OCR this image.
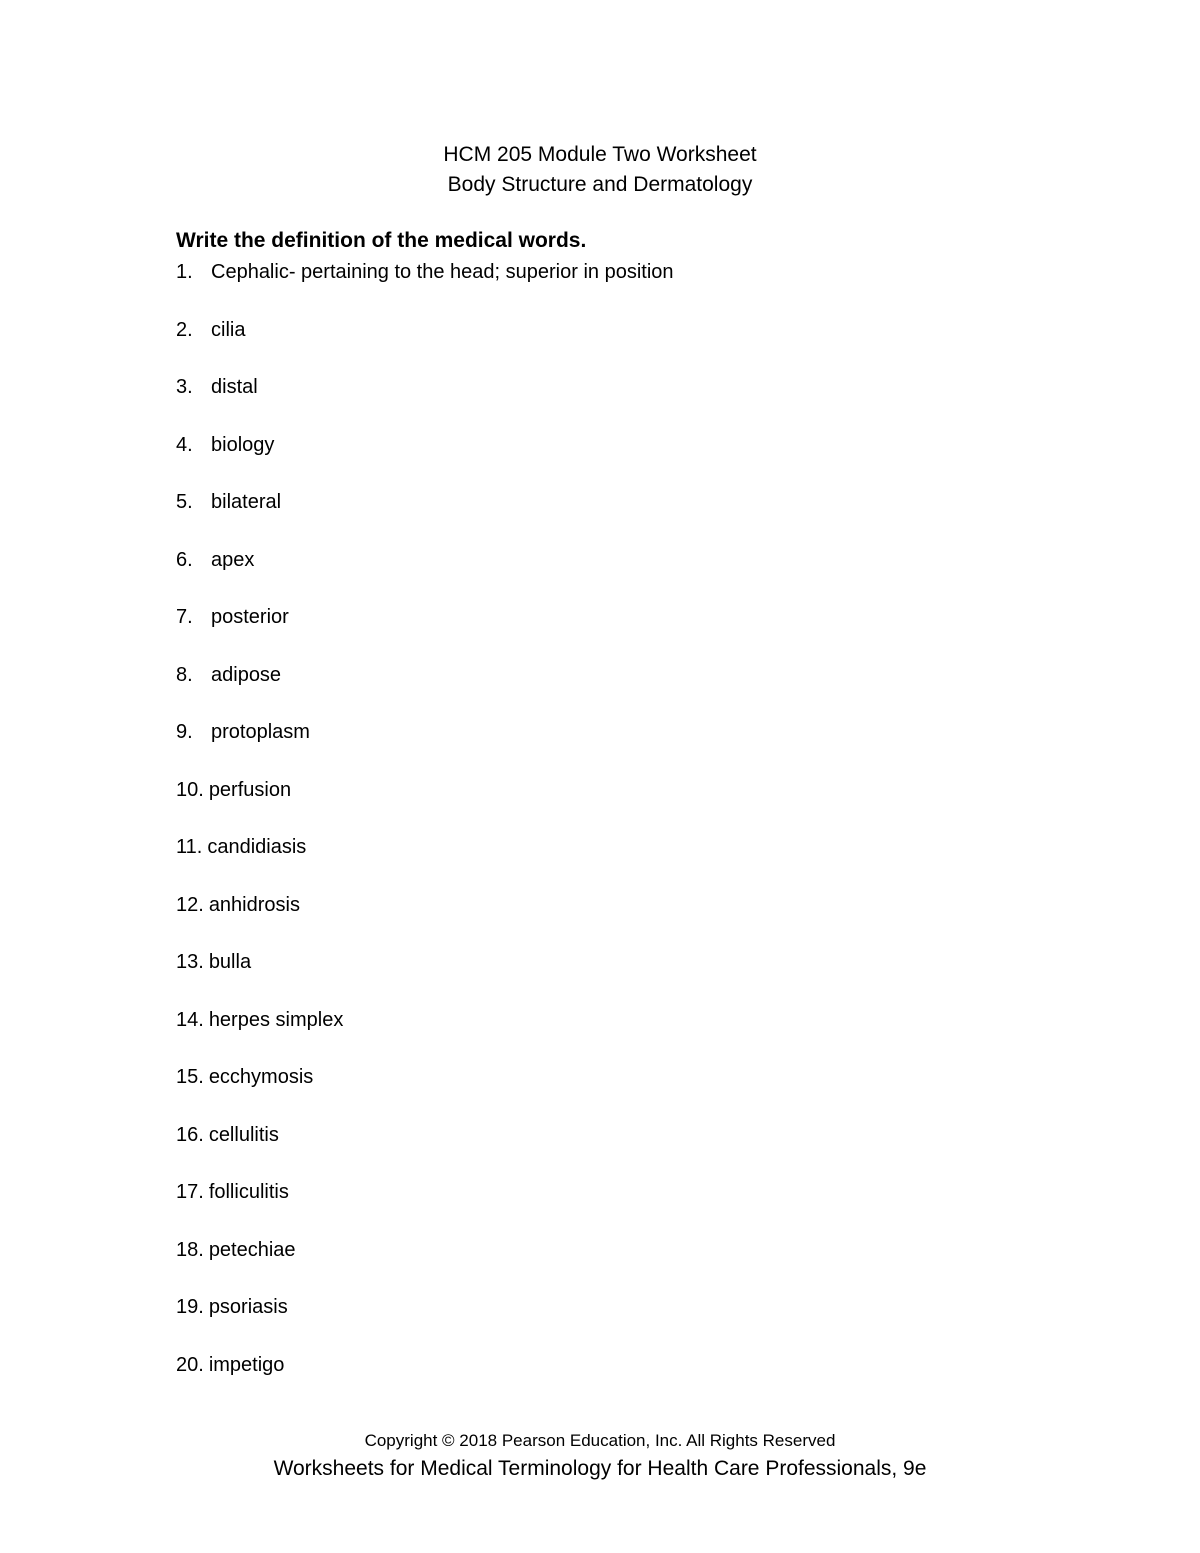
HCM 205 Module Two Worksheet
Body Structure and Dermatology
Write the definition of the medical words.
1. Cephalic- pertaining to the head; superior in position
2. cilia
3. distal
4. biology
5. bilateral
6. apex
7. posterior
8. adipose
9. protoplasm
10. perfusion
11. candidiasis
12. anhidrosis
13. bulla
14. herpes simplex
15. ecchymosis
16. cellulitis
17. folliculitis
18. petechiae
19. psoriasis
20. impetigo
Copyright © 2018 Pearson Education, Inc. All Rights Reserved
Worksheets for Medical Terminology for Health Care Professionals, 9e
